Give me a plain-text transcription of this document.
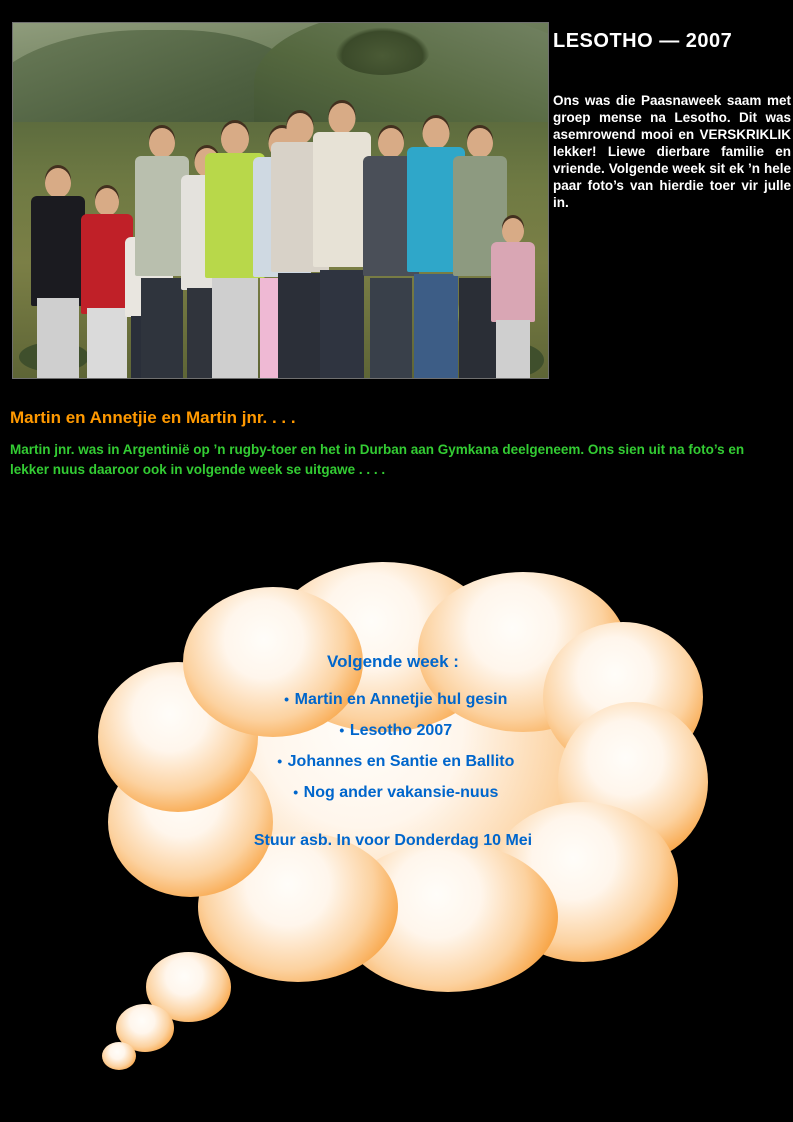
LESOTHO — 2007
Ons was die Paasnaweek saam met groep mense na Lesotho. Dit was asemrowend mooi en VERSKRIKLIK lekker! Liewe dierbare familie en vriende. Volgende week sit ek ’n hele paar foto’s van hierdie toer vir julle in.
Martin en Annetjie en Martin jnr. . . .
Martin jnr. was in Argentinië op ’n rugby-toer en het in Durban aan Gymkana deelgeneem. Ons sien uit na foto’s en lekker nuus daaroor ook in volgende week se uitgawe . . . .
Volgende week :
• Martin en Annetjie hul gesin
• Lesotho 2007
• Johannes en Santie en Ballito
• Nog ander vakansie-nuus
Stuur asb. In voor Donderdag 10 Mei
